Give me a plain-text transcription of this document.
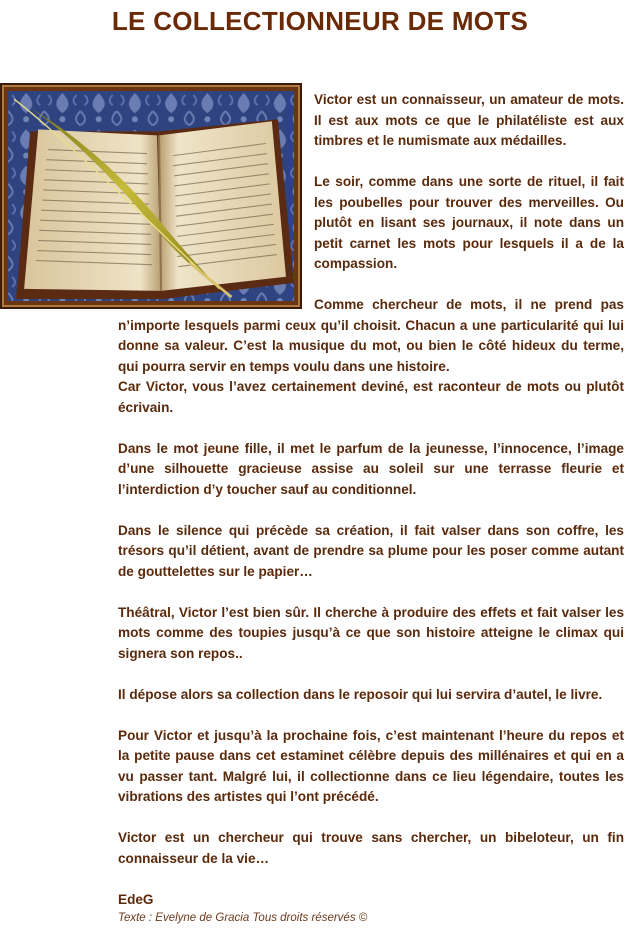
LE COLLECTIONNEUR DE MOTS

Victor est un connaisseur, un amateur de mots. Il est aux mots ce que le philatéliste est aux timbres et le numismate aux médailles.

Le soir, comme dans une sorte de rituel, il fait les poubelles pour trouver des merveilles. Ou plutôt en lisant ses journaux, il note dans un petit carnet les mots pour lesquels il a de la compassion.

Comme chercheur de mots, il ne prend pas n’importe lesquels parmi ceux qu’il choisit. Chacun a une particularité qui lui donne sa valeur. C’est la musique du mot, ou bien le côté hideux du terme, qui pourra servir en temps voulu dans une histoire.

Car Victor, vous l’avez certainement deviné, est raconteur de mots ou plutôt écrivain.

Dans le mot jeune fille, il met le parfum de la jeunesse, l’innocence, l’image d’une silhouette gracieuse assise au soleil sur une terrasse fleurie et l’interdiction d’y toucher sauf au conditionnel.

Dans le silence qui précède sa création, il fait valser dans son coffre, les trésors qu’il détient, avant de prendre sa plume pour les poser comme autant de gouttelettes sur le papier…

Théâtral, Victor l’est bien sûr. Il cherche à produire des effets et fait valser les mots comme des toupies jusqu’à ce que son histoire atteigne le climax qui signera son repos..

Il dépose alors sa collection dans le reposoir qui lui servira d’autel, le livre.

Pour Victor et jusqu’à la prochaine fois, c’est maintenant l’heure du repos et la petite pause dans cet estaminet célèbre depuis des millénaires et qui en a vu passer tant. Malgré lui, il collectionne dans ce lieu légendaire, toutes les vibrations des artistes qui l’ont précédé.

Victor est un chercheur qui trouve sans chercher, un bibeloteur, un fin connaisseur de la vie…

EdeG

Texte : Evelyne de Gracia Tous droits réservés ©
